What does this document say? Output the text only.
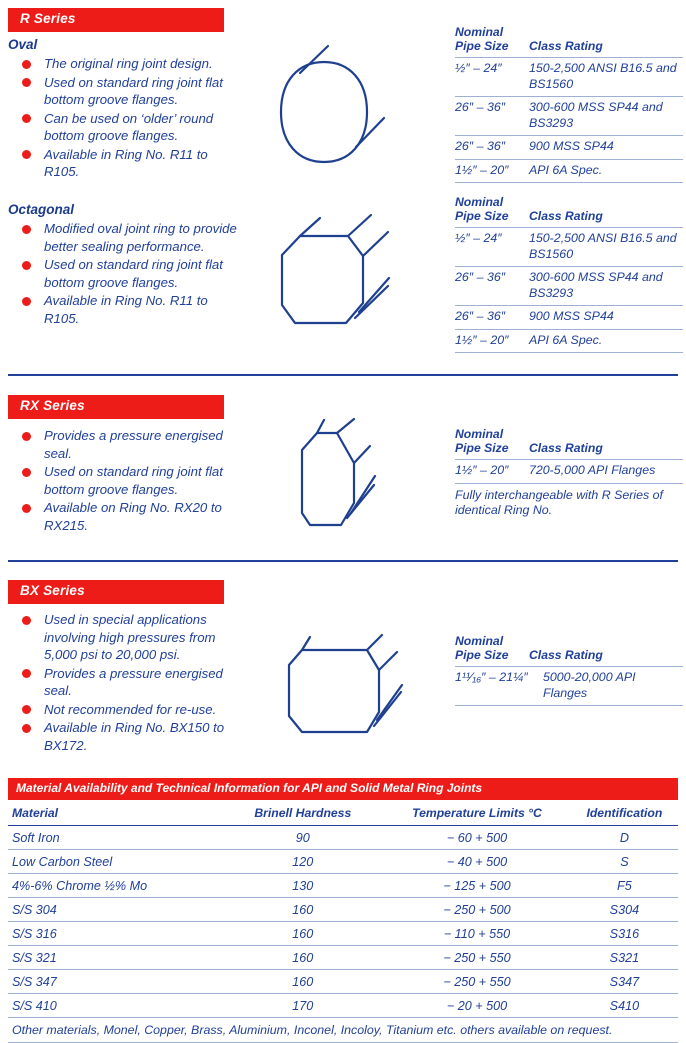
R Series
Oval
The original ring joint design.
Used on standard ring joint flat bottom groove flanges.
Can be used on ‘older’ round bottom groove flanges.
Available in Ring No. R11 to R105.
Nominal
Pipe Size	Class Rating
½″ – 24″	150-2,500 ANSI B16.5 and BS1560
26″ – 36″	300-600 MSS SP44 and BS3293
26″ – 36″	900 MSS SP44
1½″ – 20″	API 6A Spec.
Octagonal
Modified oval joint ring to provide better sealing performance.
Used on standard ring joint flat bottom groove flanges.
Available in Ring No. R11 to R105.
Nominal
Pipe Size	Class Rating
½″ – 24″	150-2,500 ANSI B16.5 and BS1560
26″ – 36″	300-600 MSS SP44 and BS3293
26″ – 36″	900 MSS SP44
1½″ – 20″	API 6A Spec.
RX Series
Provides a pressure energised seal.
Used on standard ring joint flat bottom groove flanges.
Available on Ring No. RX20 to RX215.
Nominal
Pipe Size	Class Rating
1½″ – 20″	720-5,000 API Flanges
Fully interchangeable with R Series of identical Ring No.
BX Series
Used in special applications involving high pressures from 5,000 psi to 20,000 psi.
Provides a pressure energised seal.
Not recommended for re-use.
Available in Ring No. BX150 to BX172.
Nominal
Pipe Size	Class Rating
1¹¹⁄₁₆″ – 21¼″	5000-20,000 API Flanges
Material Availability and Technical Information for API and Solid Metal Ring Joints
Material	Brinell Hardness	Temperature Limits °C	Identification
Soft Iron	90	− 60 + 500	D
Low Carbon Steel	120	− 40 + 500	S
4%-6% Chrome ½% Mo	130	− 125 + 500	F5
S/S 304	160	− 250 + 500	S304
S/S 316	160	− 110 + 550	S316
S/S 321	160	− 250 + 550	S321
S/S 347	160	− 250 + 550	S347
S/S 410	170	− 20 + 500	S410
Other materials, Monel, Copper, Brass, Aluminium, Inconel, Incoloy, Titanium etc. others available on request.
